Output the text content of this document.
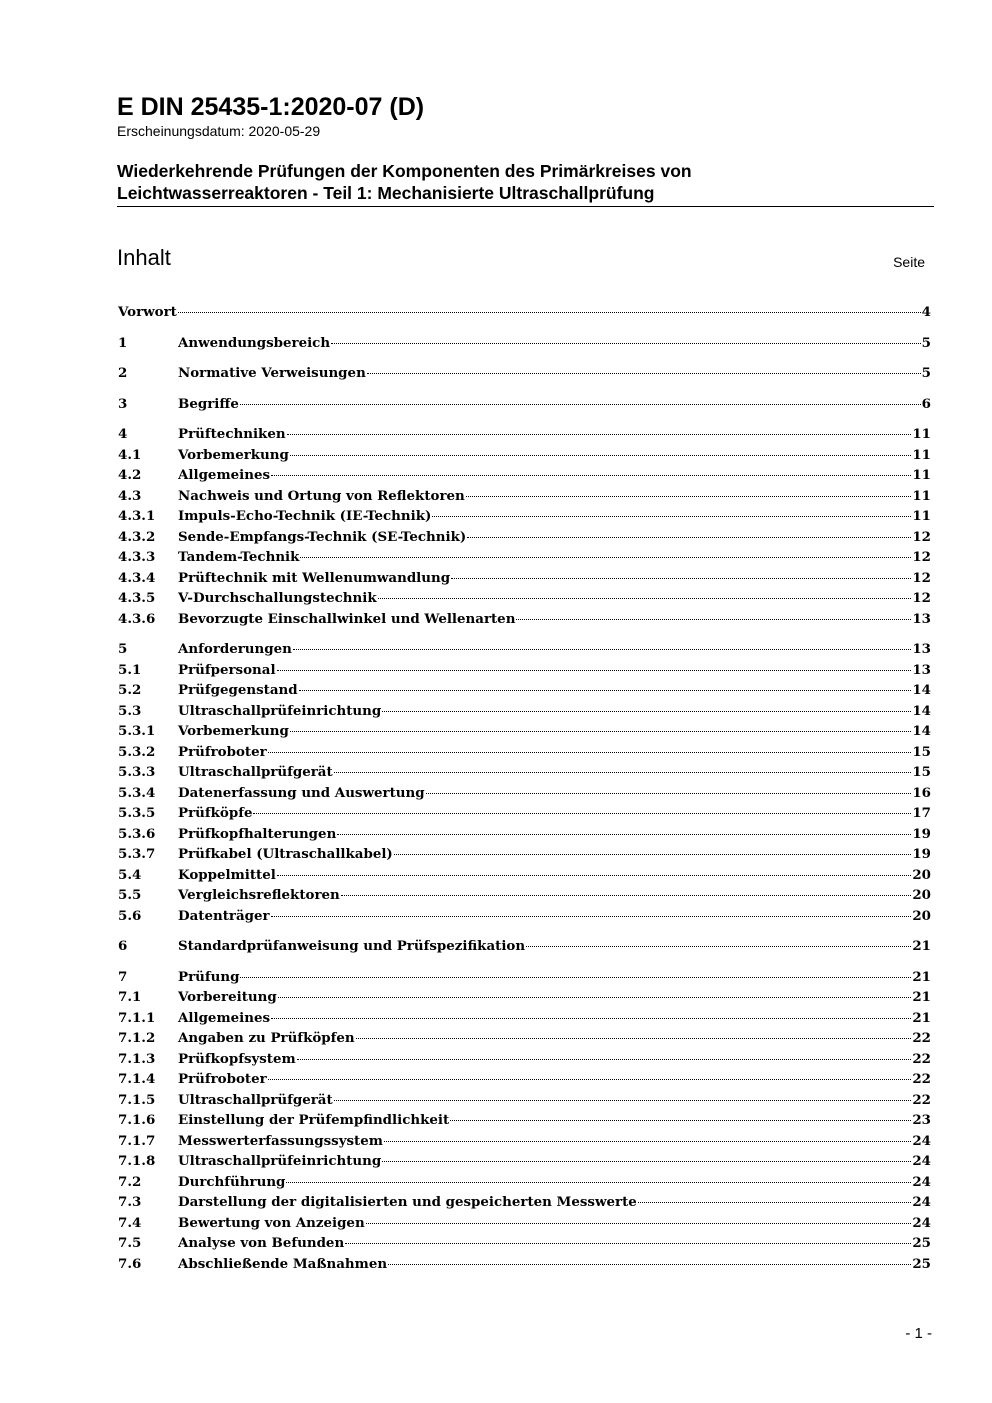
E DIN 25435-1:2020-07 (D)
Erscheinungsdatum: 2020-05-29
Wiederkehrende Prüfungen der Komponenten des Primärkreises von
Leichtwasserreaktoren - Teil 1: Mechanisierte Ultraschallprüfung
Inhalt	Seite
Vorwort	4
1	Anwendungsbereich	5
2	Normative Verweisungen	5
3	Begriffe	6
4	Prüftechniken	11
4.1	Vorbemerkung	11
4.2	Allgemeines	11
4.3	Nachweis und Ortung von Reflektoren	11
4.3.1	Impuls-Echo-Technik (IE-Technik)	11
4.3.2	Sende-Empfangs-Technik (SE-Technik)	12
4.3.3	Tandem-Technik	12
4.3.4	Prüftechnik mit Wellenumwandlung	12
4.3.5	V-Durchschallungstechnik	12
4.3.6	Bevorzugte Einschallwinkel und Wellenarten	13
5	Anforderungen	13
5.1	Prüfpersonal	13
5.2	Prüfgegenstand	14
5.3	Ultraschallprüfeinrichtung	14
5.3.1	Vorbemerkung	14
5.3.2	Prüfroboter	15
5.3.3	Ultraschallprüfgerät	15
5.3.4	Datenerfassung und Auswertung	16
5.3.5	Prüfköpfe	17
5.3.6	Prüfkopfhalterungen	19
5.3.7	Prüfkabel (Ultraschallkabel)	19
5.4	Koppelmittel	20
5.5	Vergleichsreflektoren	20
5.6	Datenträger	20
6	Standardprüfanweisung und Prüfspezifikation	21
7	Prüfung	21
7.1	Vorbereitung	21
7.1.1	Allgemeines	21
7.1.2	Angaben zu Prüfköpfen	22
7.1.3	Prüfkopfsystem	22
7.1.4	Prüfroboter	22
7.1.5	Ultraschallprüfgerät	22
7.1.6	Einstellung der Prüfempfindlichkeit	23
7.1.7	Messwerterfassungssystem	24
7.1.8	Ultraschallprüfeinrichtung	24
7.2	Durchführung	24
7.3	Darstellung der digitalisierten und gespeicherten Messwerte	24
7.4	Bewertung von Anzeigen	24
7.5	Analyse von Befunden	25
7.6	Abschließende Maßnahmen	25
- 1 -
